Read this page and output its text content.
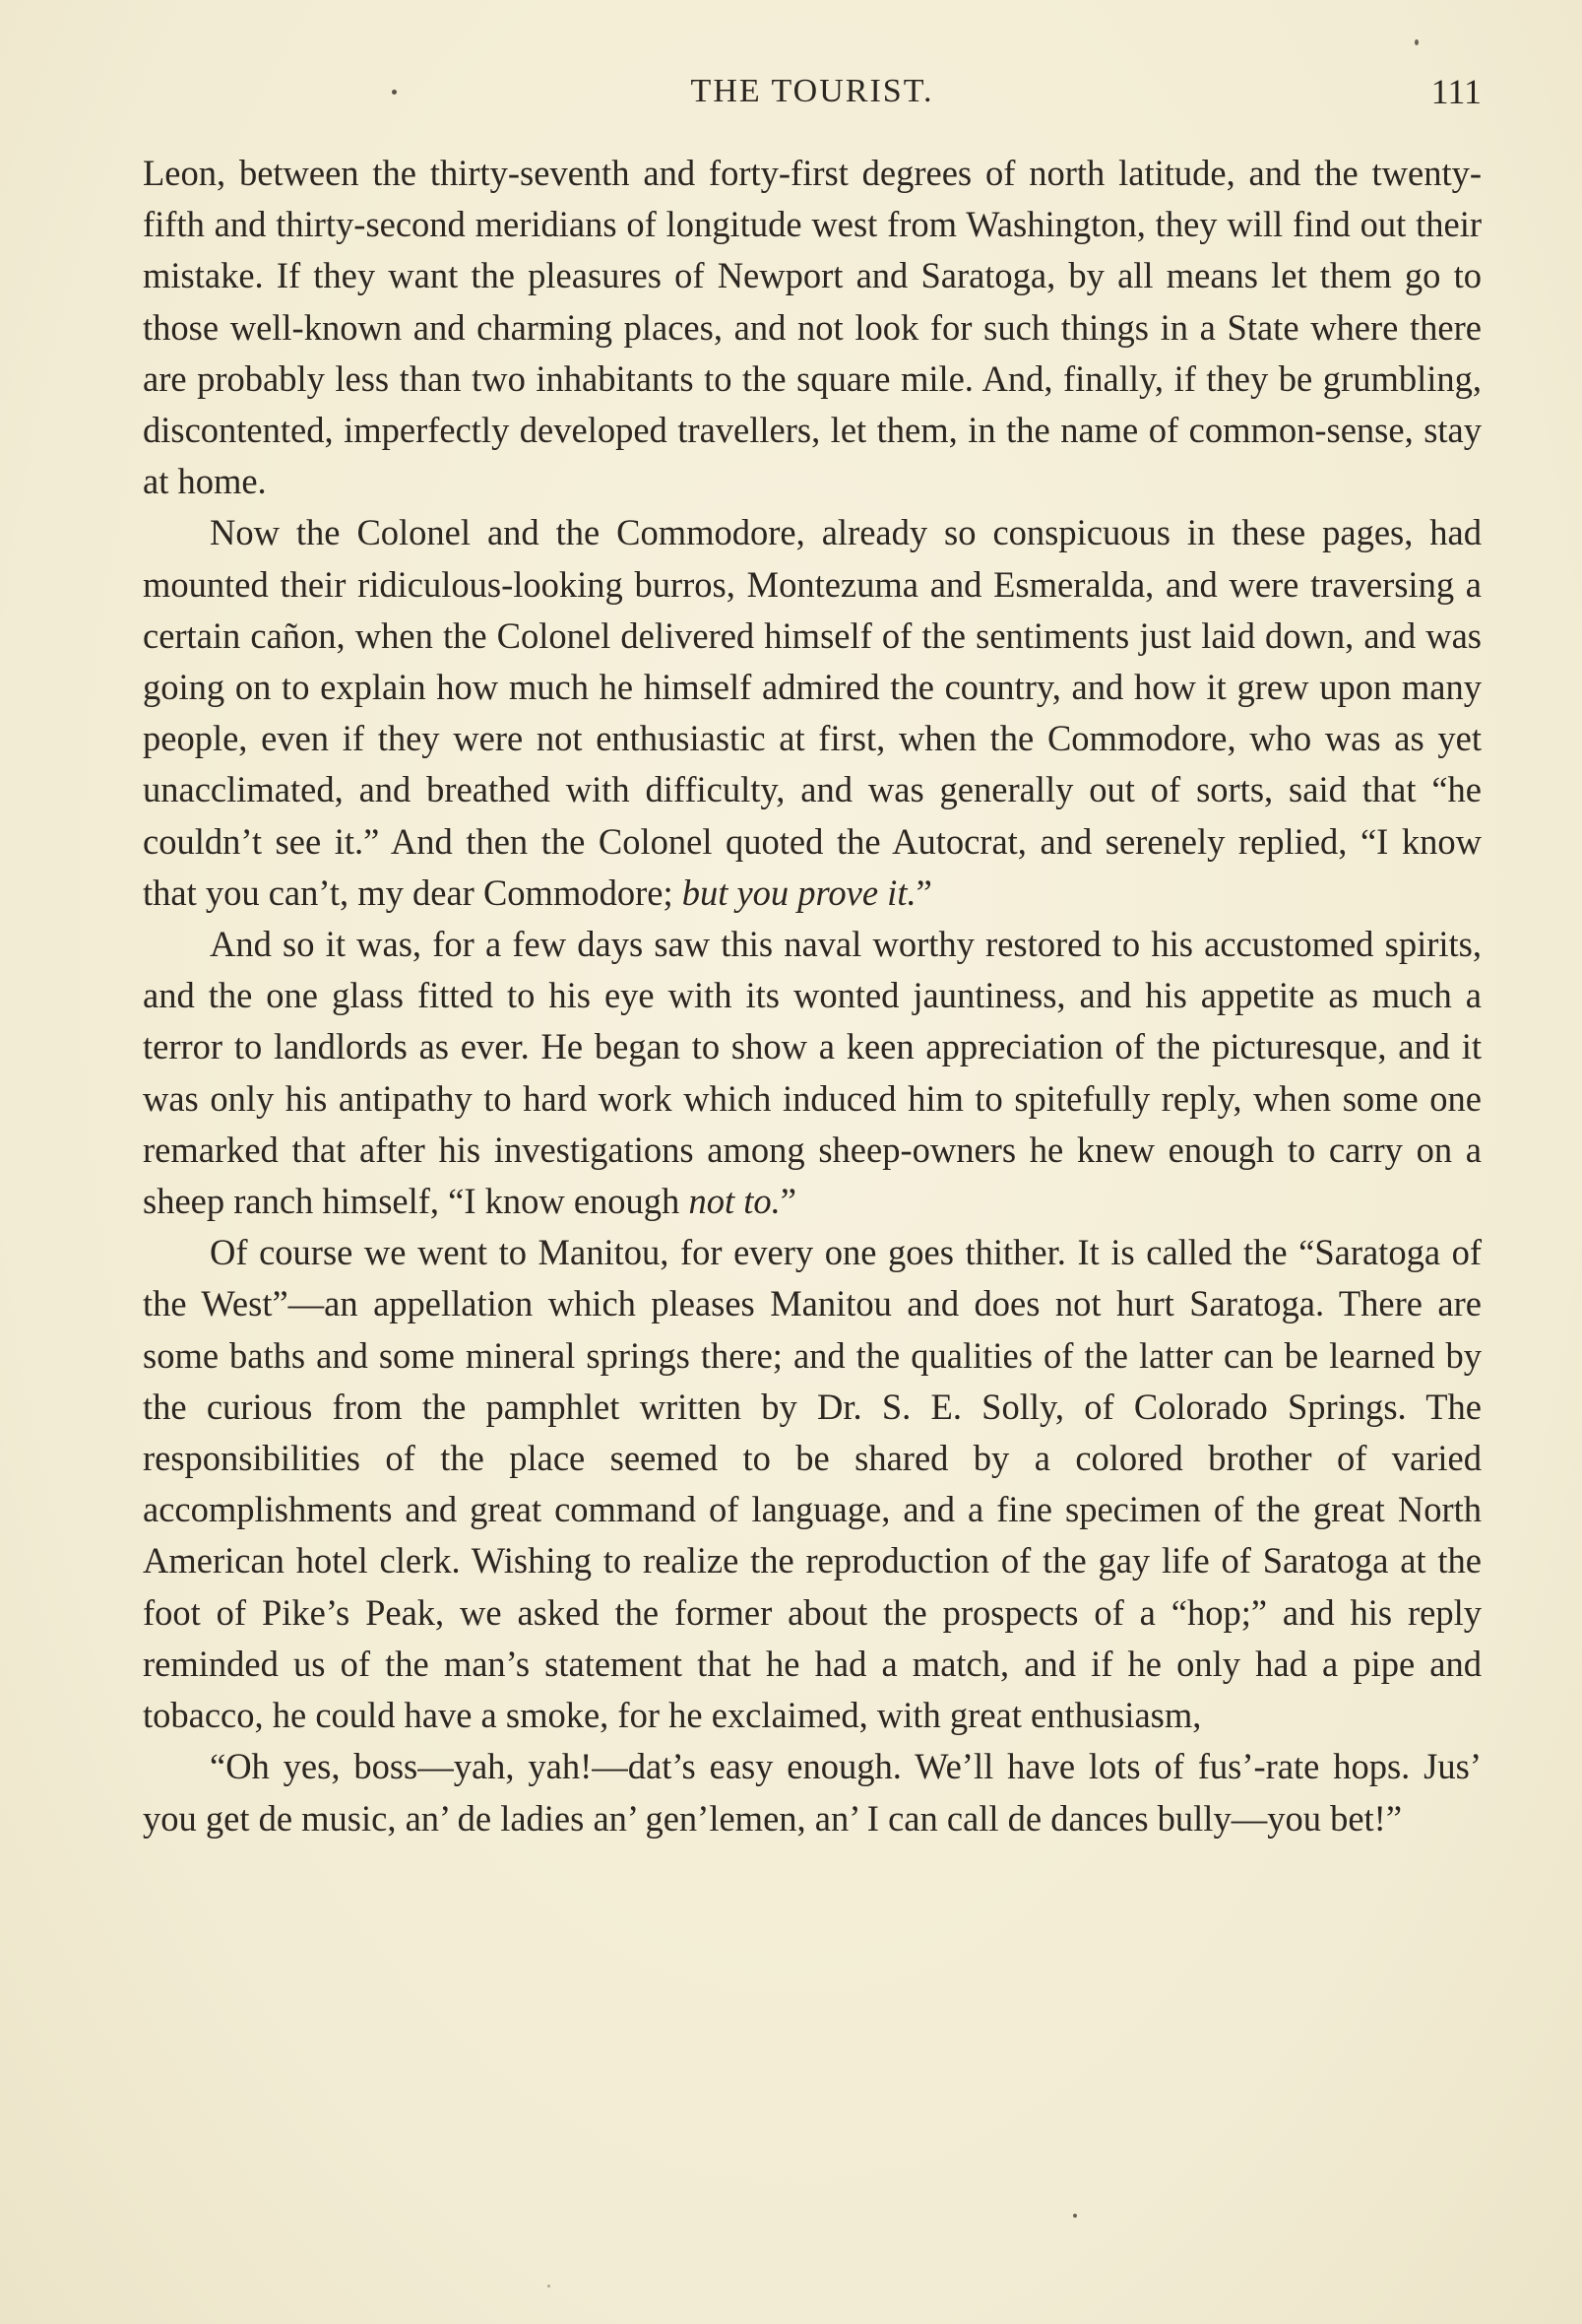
THE TOURIST.	111

Leon, between the thirty-seventh and forty-first degrees of north latitude, and the twenty-fifth and thirty-second meridians of longitude west from Washington, they will find out their mistake. If they want the pleasures of Newport and Saratoga, by all means let them go to those well-known and charming places, and not look for such things in a State where there are probably less than two inhabitants to the square mile. And, finally, if they be grumbling, discontented, imperfectly developed travellers, let them, in the name of common-sense, stay at home.

Now the Colonel and the Commodore, already so conspicuous in these pages, had mounted their ridiculous-looking burros, Montezuma and Esmeralda, and were traversing a certain cañon, when the Colonel delivered himself of the sentiments just laid down, and was going on to explain how much he himself admired the country, and how it grew upon many people, even if they were not enthusiastic at first, when the Commodore, who was as yet unacclimated, and breathed with difficulty, and was generally out of sorts, said that “he couldn’t see it.” And then the Colonel quoted the Autocrat, and serenely replied, “I know that you can’t, my dear Commodore; but you prove it.”

And so it was, for a few days saw this naval worthy restored to his accustomed spirits, and the one glass fitted to his eye with its wonted jauntiness, and his appetite as much a terror to landlords as ever. He began to show a keen appreciation of the picturesque, and it was only his antipathy to hard work which induced him to spitefully reply, when some one remarked that after his investigations among sheep-owners he knew enough to carry on a sheep ranch himself, “I know enough not to.”

Of course we went to Manitou, for every one goes thither. It is called the “Saratoga of the West”—an appellation which pleases Manitou and does not hurt Saratoga. There are some baths and some mineral springs there; and the qualities of the latter can be learned by the curious from the pamphlet written by Dr. S. E. Solly, of Colorado Springs. The responsibilities of the place seemed to be shared by a colored brother of varied accomplishments and great command of language, and a fine specimen of the great North American hotel clerk. Wishing to realize the reproduction of the gay life of Saratoga at the foot of Pike’s Peak, we asked the former about the prospects of a “hop;” and his reply reminded us of the man’s statement that he had a match, and if he only had a pipe and tobacco, he could have a smoke, for he exclaimed, with great enthusiasm,

“Oh yes, boss—yah, yah!—dat’s easy enough. We’ll have lots of fus’-rate hops. Jus’ you get de music, an’ de ladies an’ gen’lemen, an’ I can call de dances bully—you bet!”
